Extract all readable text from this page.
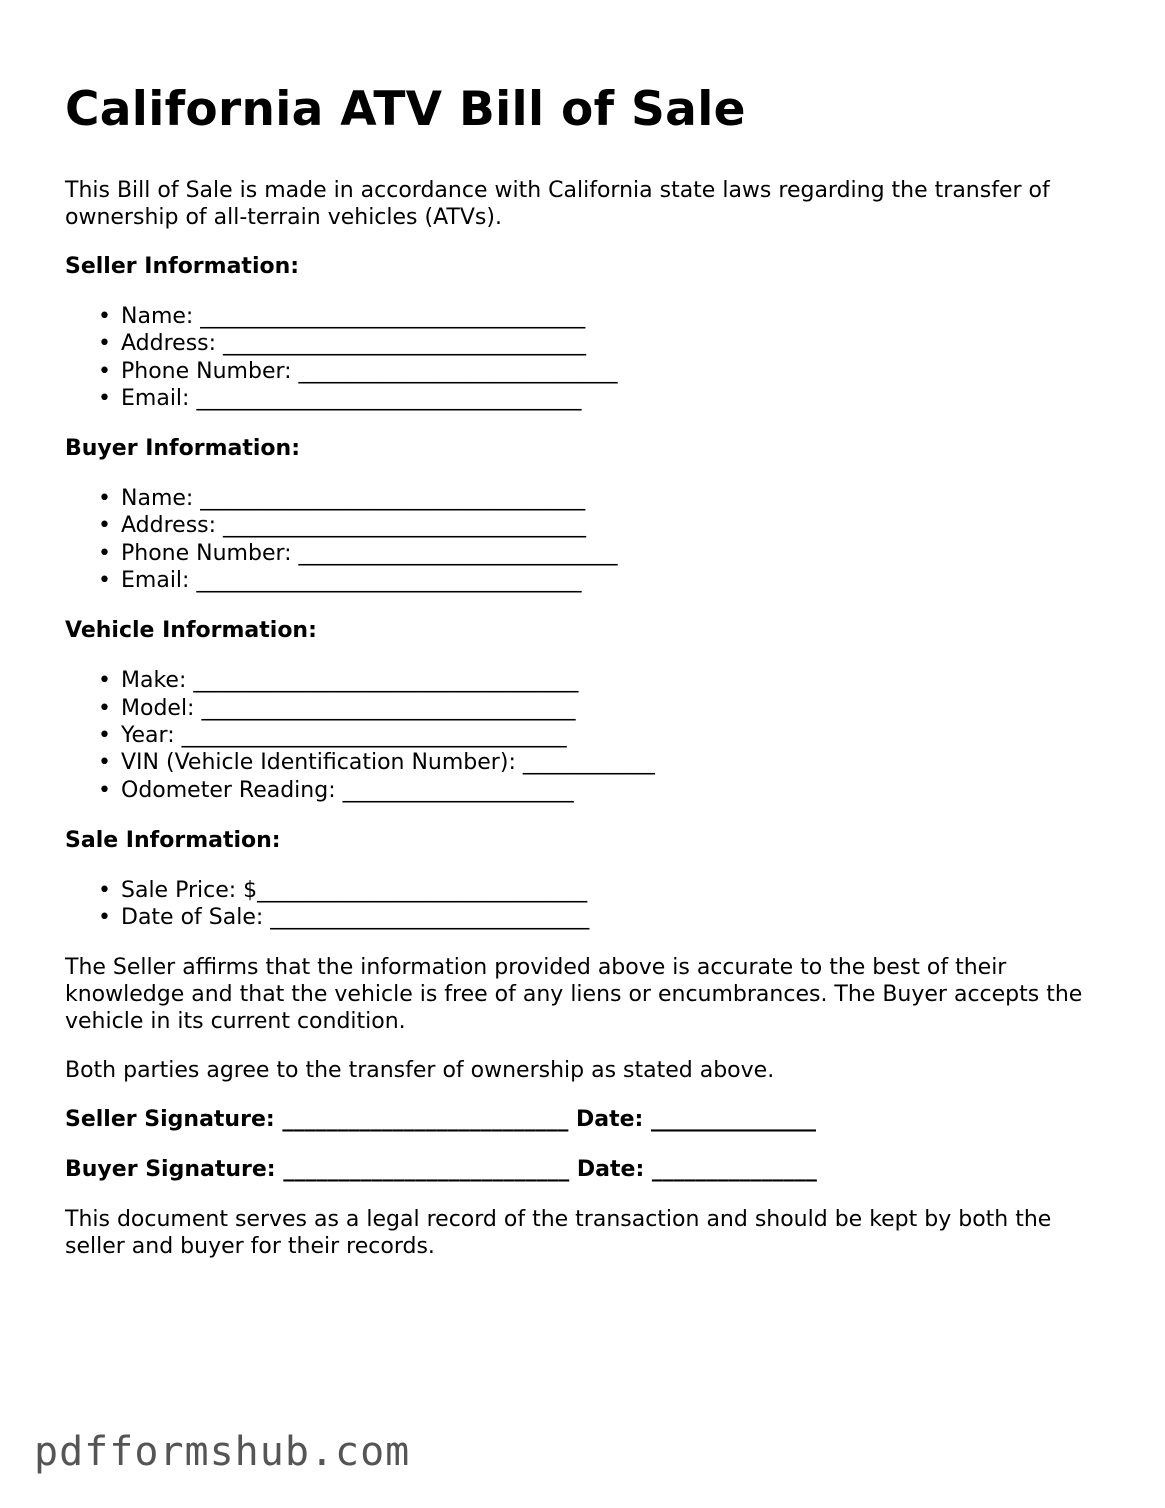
California ATV Bill of Sale

This Bill of Sale is made in accordance with California state laws regarding the transfer of ownership of all-terrain vehicles (ATVs).

Seller Information:
• Name: ___________________________________
• Address: _________________________________
• Phone Number: _____________________________
• Email: ___________________________________
Buyer Information:
• Name: ___________________________________
• Address: _________________________________
• Phone Number: _____________________________
• Email: ___________________________________
Vehicle Information:
• Make: ___________________________________
• Model: __________________________________
• Year: ___________________________________
• VIN (Vehicle Identification Number): ____________
• Odometer Reading: _____________________
Sale Information:
• Sale Price: $______________________________
• Date of Sale: _____________________________

The Seller affirms that the information provided above is accurate to the best of their knowledge and that the vehicle is free of any liens or encumbrances. The Buyer accepts the vehicle in its current condition.

Both parties agree to the transfer of ownership as stated above.

Seller Signature: __________________________ Date: _______________
Buyer Signature: __________________________ Date: _______________

This document serves as a legal record of the transaction and should be kept by both the seller and buyer for their records.

pdfformshub.com
